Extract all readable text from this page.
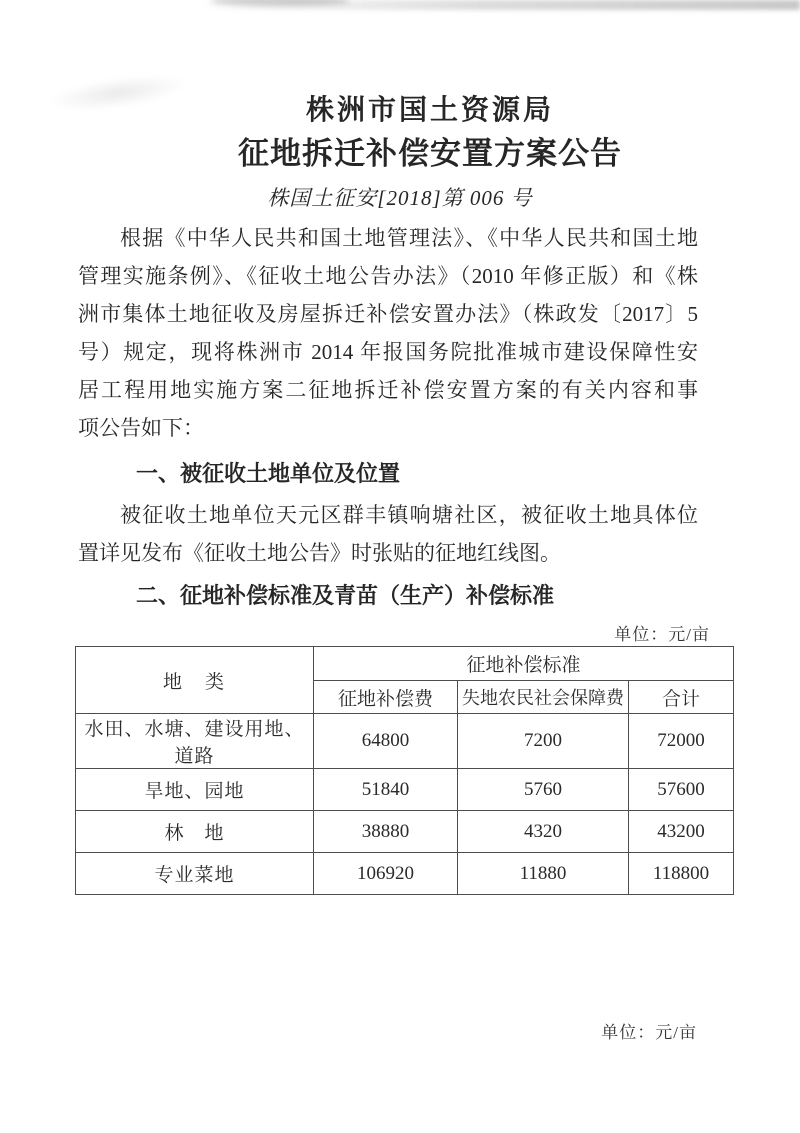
株洲市国土资源局
征地拆迁补偿安置方案公告
株国土征安[2018]第 006 号
根据《中华人民共和国土地管理法》、《中华人民共和国土地
管理实施条例》、《征收土地公告办法》（2010 年修正版）和《株
洲市集体土地征收及房屋拆迁补偿安置办法》（株政发〔2017〕5
号）规定，现将株洲市 2014 年报国务院批准城市建设保障性安
居工程用地实施方案二征地拆迁补偿安置方案的有关内容和事
项公告如下：
一、被征收土地单位及位置
被征收土地单位天元区群丰镇响塘社区，被征收土地具体位
置详见发布《征收土地公告》时张贴的征地红线图。
二、征地补偿标准及青苗（生产）补偿标准
单位：元/亩
地　类	征地补偿标准		
	征地补偿费	失地农民社会保障费	合计
水田、水塘、建设用地、道路	64800	7200	72000
旱地、园地	51840	5760	57600
林　地	38880	4320	43200
专业菜地	106920	11880	118800
单位：元/亩
